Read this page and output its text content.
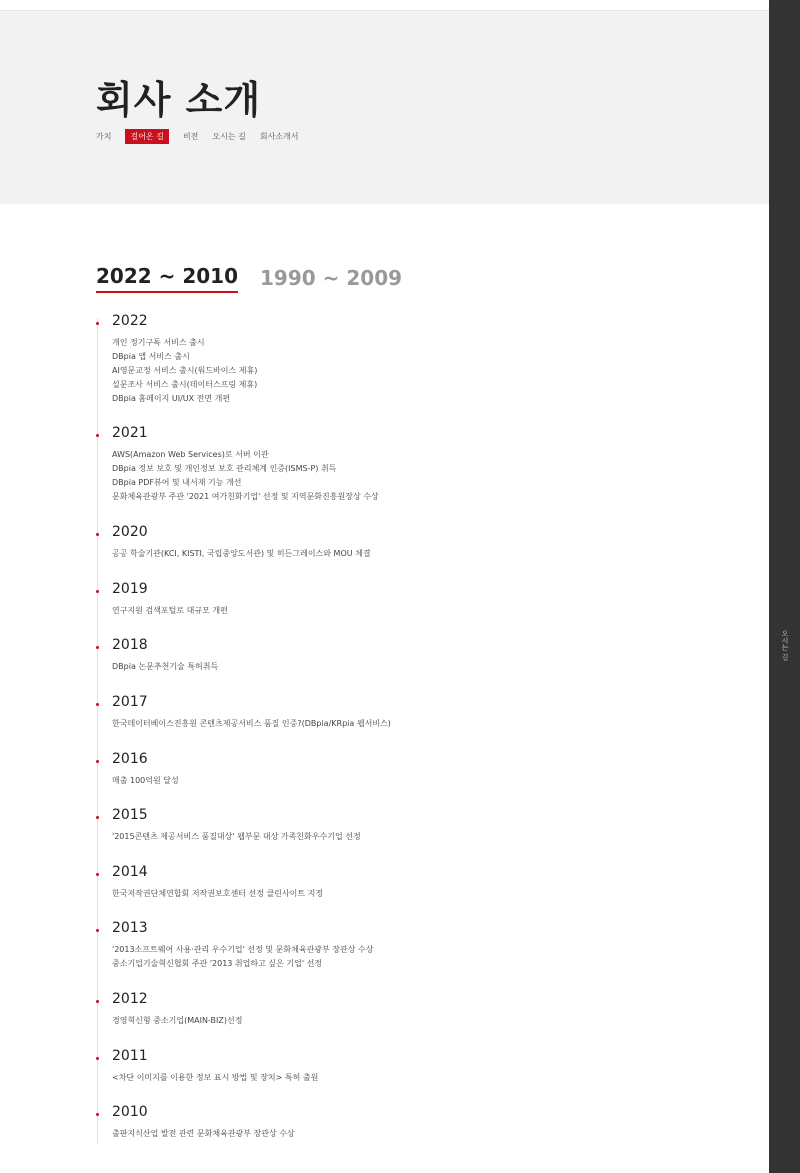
회사 소개
가치	걸어온 길	비전 오시는 길 회사소개서
오시는 길
2022 ~ 2010 1990 ~ 2009
2022
개인 정기구독 서비스 출시
DBpia 앱 서비스 출시
AI영문교정 서비스 출시(워드바이스 제휴)
설문조사 서비스 출시(데이터스프링 제휴)
DBpia 홈페이지 UI/UX 전면 개편
2021
AWS(Amazon Web Services)로 서버 이관
DBpia 정보 보호 및 개인정보 보호 관리체계 인증(ISMS-P) 취득
DBpia PDF뷰어 및 내서재 기능 개선
문화체육관광부 주관 '2021 여가친화기업' 선정 및 지역문화진흥원장상 수상
2020
공공 학술기관(KCI, KISTI, 국립중앙도서관) 및 히든그레이스와 MOU 체결
2019
연구지원 검색포털로 대규모 개편
2018
DBpia 논문추천기술 특허취득
2017
한국데이터베이스진흥원 콘텐츠제공서비스 품질 인증?(DBpia/KRpia 웹서비스)
2016
매출 100억원 달성
2015
'2015콘텐츠 제공서비스 품질대상' 웹부문 대상 가족친화우수기업 선정
2014
한국저작권단체연합회 저작권보호센터 선정 클린사이트 지정
2013
'2013소프트웨어 사용·관리 우수기업' 선정 및 문화체육관광부 장관상 수상
중소기업기술혁신협회 주관 '2013 취업하고 싶은 기업' 선정
2012
경영혁신형 중소기업(MAIN-BIZ)선정
2011
<차단 이미지를 이용한 정보 표시 방법 및 장치> 특허 출원
2010
출판지식산업 발전 관련 문화체육관광부 장관상 수상
